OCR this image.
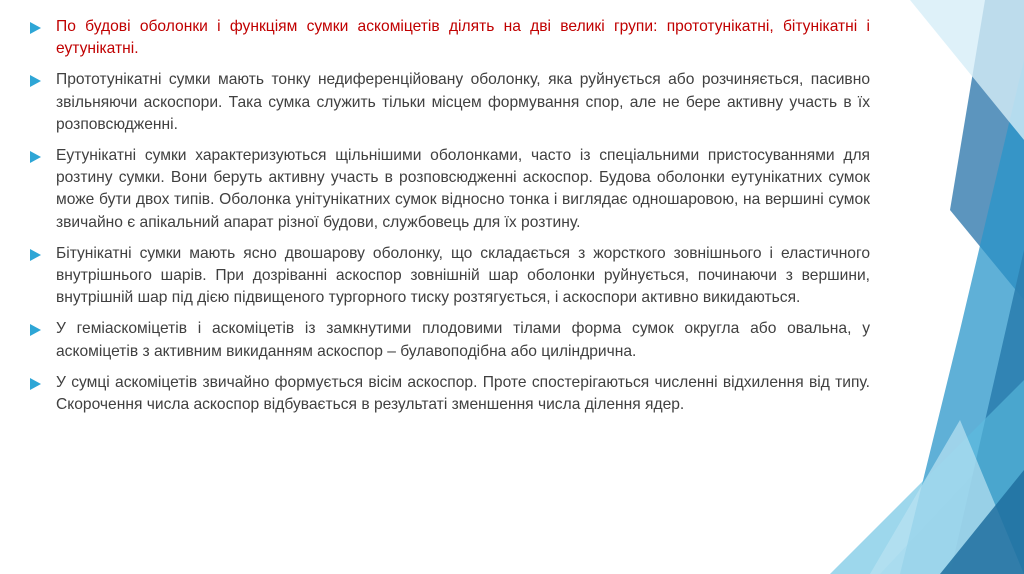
По будові оболонки і функціям сумки аскоміцетів ділять на дві великі групи: прототунікатні, бітунікатні і еутунікатні.
Прототунікатні сумки мають тонку недиференційовану оболонку, яка руйнується або розчиняється, пасивно звільняючи аскоспори. Така сумка служить тільки місцем формування спор, але не бере активну участь в їх розповсюдженні.
Еутунікатні сумки характеризуються щільнішими оболонками, часто із спеціальними пристосуваннями для розтину сумки. Вони беруть активну участь в розповсюдженні аскоспор. Будова оболонки еутунікатних сумок може бути двох типів. Оболонка унітунікатних сумок відносно тонка і виглядає одношаровою, на вершині сумок звичайно є апікальний апарат різної будови, службовець для їх розтину.
Бітунікатні сумки мають ясно двошарову оболонку, що складається з жорсткого зовнішнього і еластичного внутрішнього шарів. При дозріванні аскоспор зовнішній шар оболонки руйнується, починаючи з вершини, внутрішній шар під дією підвищеного тургорного тиску розтягується, і аскоспори активно викидаються.
У геміаскоміцетів і аскоміцетів із замкнутими плодовими тілами форма сумок округла або овальна, у аскоміцетів з активним викиданням аскоспор – булавоподібна або циліндрична.
У сумці аскоміцетів звичайно формується вісім аскоспор. Проте спостерігаються численні відхилення від типу. Скорочення числа аскоспор відбувається в результаті зменшення числа ділення ядер.
